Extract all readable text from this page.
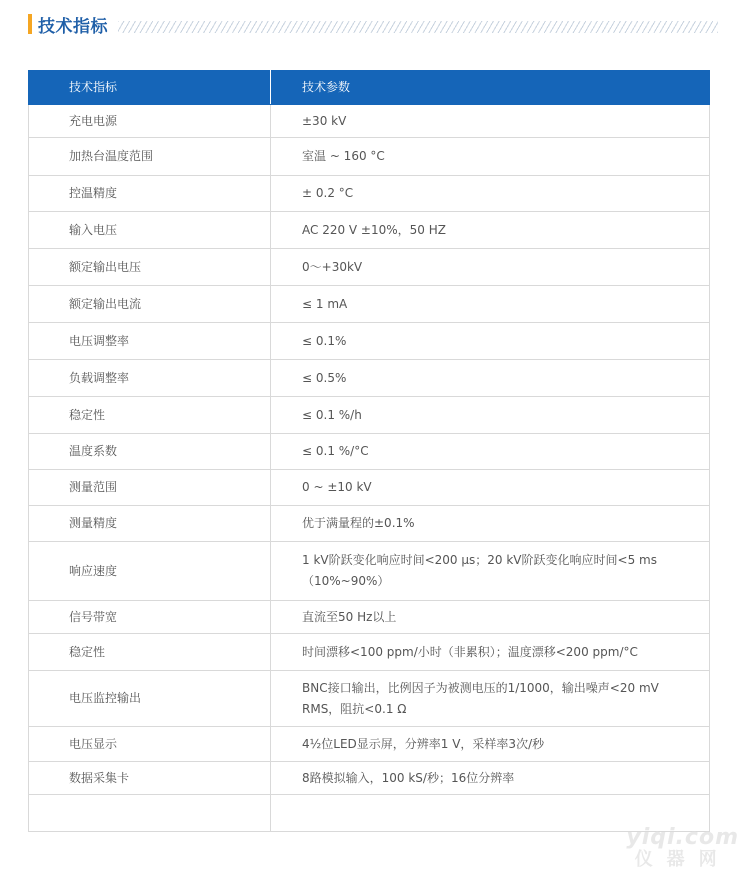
技术指标
技术指标	技术参数
充电电源	±30 kV
加热台温度范围	室温 ~ 160 °C
控温精度	± 0.2 °C
输入电压	AC 220 V ±10%，50 HZ
额定输出电压	0～+30kV
额定输出电流	≤ 1 mA
电压调整率	≤ 0.1%
负载调整率	≤ 0.5%
稳定性	≤ 0.1 %/h
温度系数	≤ 0.1 %/°C
测量范围	0 ~ ±10 kV
测量精度	优于满量程的±0.1%
响应速度	1 kV阶跃变化响应时间<200 μs；20 kV阶跃变化响应时间<5 ms（10%~90%）
信号带宽	直流至50 Hz以上
稳定性	时间漂移<100 ppm/小时（非累积）；温度漂移<200 ppm/°C
电压监控输出	BNC接口输出，比例因子为被测电压的1/1000，输出噪声<20 mV RMS，阻抗<0.1 Ω
电压显示	4½位LED显示屏，分辨率1 V，采样率3次/秒
数据采集卡	8路模拟输入，100 kS/秒；16位分辨率

yiqi.com
仪器网
